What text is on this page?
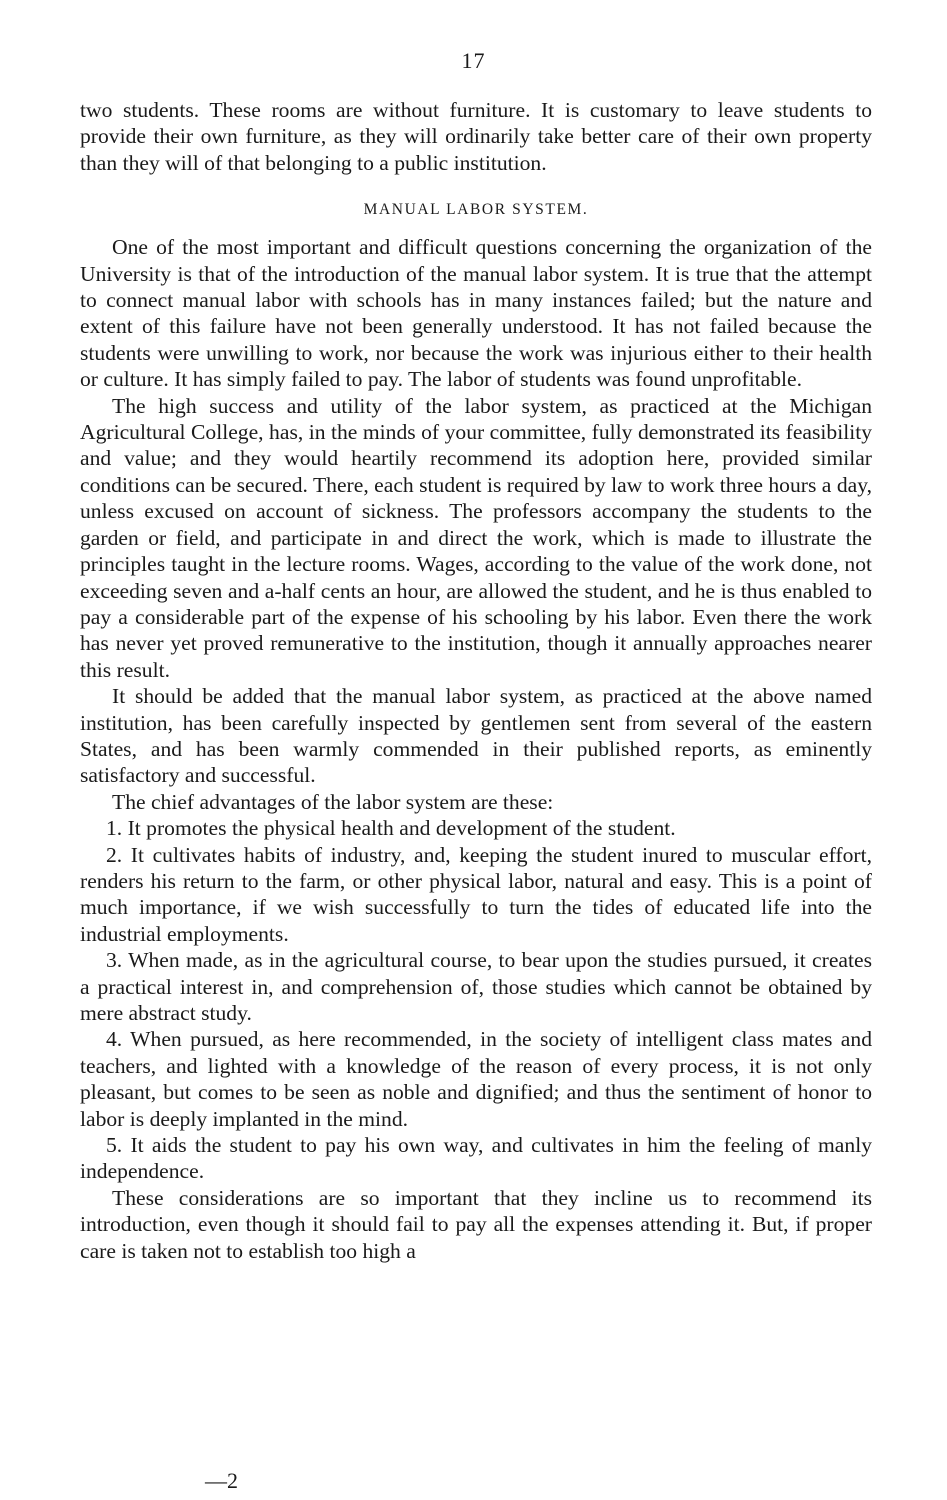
17

two students. These rooms are without furniture. It is customary to leave students to provide their own furniture, as they will ordinarily take better care of their own property than they will of that belonging to a public institution.

MANUAL LABOR SYSTEM.

One of the most important and difficult questions concerning the organization of the University is that of the introduction of the manual labor system. It is true that the attempt to connect manual labor with schools has in many instances failed; but the nature and extent of this failure have not been generally understood. It has not failed because the students were unwilling to work, nor because the work was injurious either to their health or culture. It has simply failed to pay. The labor of students was found unprofitable.

The high success and utility of the labor system, as practiced at the Michigan Agricultural College, has, in the minds of your committee, fully demonstrated its feasibility and value; and they would heartily recommend its adoption here, provided similar conditions can be secured. There, each student is required by law to work three hours a day, unless excused on account of sickness. The professors accompany the students to the garden or field, and participate in and direct the work, which is made to illustrate the principles taught in the lecture rooms. Wages, according to the value of the work done, not exceeding seven and a-half cents an hour, are allowed the student, and he is thus enabled to pay a considerable part of the expense of his schooling by his labor. Even there the work has never yet proved remunerative to the institution, though it annually approaches nearer this result.

It should be added that the manual labor system, as practiced at the above named institution, has been carefully inspected by gentlemen sent from several of the eastern States, and has been warmly commended in their published reports, as eminently satisfactory and successful.

The chief advantages of the labor system are these:

1. It promotes the physical health and development of the student.

2. It cultivates habits of industry, and, keeping the student inured to muscular effort, renders his return to the farm, or other physical labor, natural and easy. This is a point of much importance, if we wish successfully to turn the tides of educated life into the industrial employments.

3. When made, as in the agricultural course, to bear upon the studies pursued, it creates a practical interest in, and comprehension of, those studies which cannot be obtained by mere abstract study.

4. When pursued, as here recommended, in the society of intelligent class mates and teachers, and lighted with a knowledge of the reason of every process, it is not only pleasant, but comes to be seen as noble and dignified; and thus the sentiment of honor to labor is deeply implanted in the mind.

5. It aids the student to pay his own way, and cultivates in him the feeling of manly independence.

These considerations are so important that they incline us to recommend its introduction, even though it should fail to pay all the expenses attending it. But, if proper care is taken not to establish too high a

—2
